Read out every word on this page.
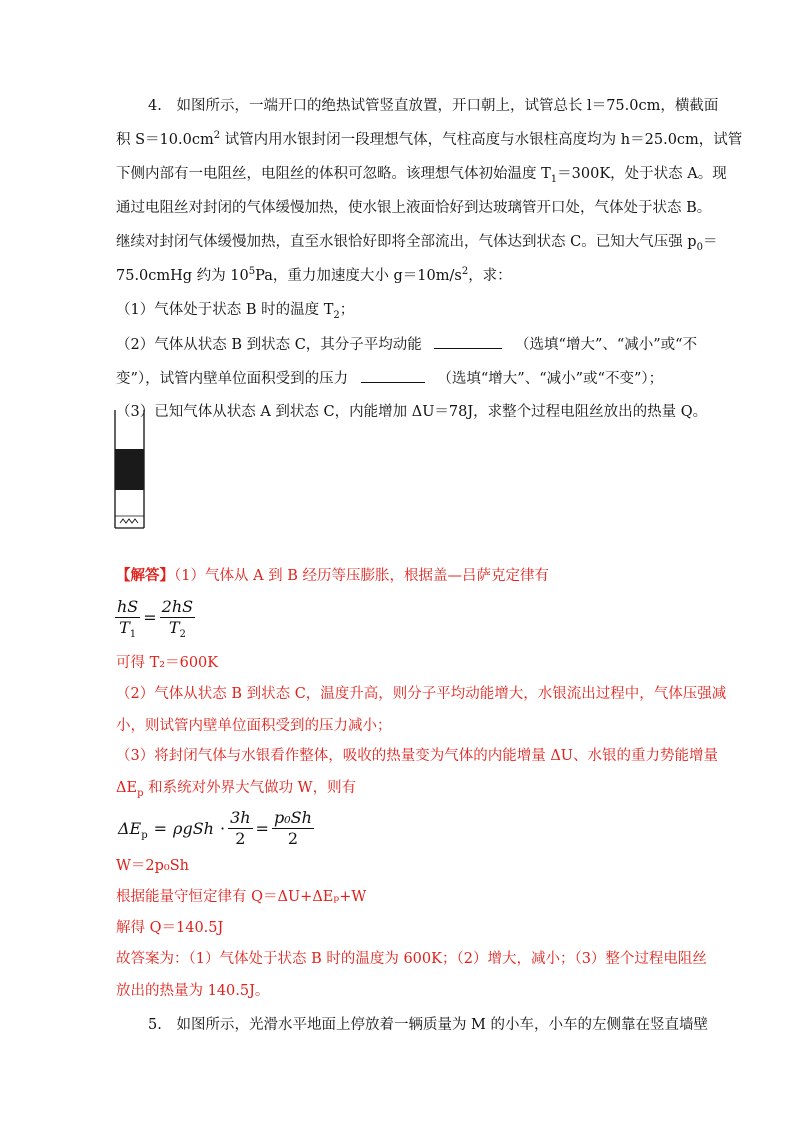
4. 如图所示，一端开口的绝热试管竖直放置，开口朝上，试管总长 l＝75.0cm，横截面
积 $S=10.0cm^2$ 试管内用水银封闭一段理想气体，气柱高度与水银柱高度均为 h＝25.0cm，试管
下侧内部有一电阻丝，电阻丝的体积可忽略。该理想气体初始温度 $T_1=300K$，处于状态 A。现
通过电阻丝对封闭的气体缓慢加热，使水银上液面恰好到达玻璃管开口处，气体处于状态 B。
继续对封闭气体缓慢加热，直至水银恰好即将全部流出，气体达到状态 C。已知大气压强 $p_0=$
75.0cmHg 约为 $10^5Pa$，重力加速度大小 $g=10m/s^2$，求：
（1）气体处于状态 B 时的温度 $T_2$；
（2）气体从状态 B 到状态 C，其分子平均动能	（选填“增大”、“减小”或“不
变”），试管内壁单位面积受到的压力	（选填“增大”、“减小”或“不变”）；
（3）已知气体从状态 A 到状态 C，内能增加 ΔU＝78J，求整个过程电阻丝放出的热量 Q。
【解答】（1）气体从 A 到 B 经历等压膨胀，根据盖—吕萨克定律有
$\frac{hS}{T_1} = \frac{2hS}{T_2}$
可得 T₂＝600K
（2）气体从状态 B 到状态 C，温度升高，则分子平均动能增大，水银流出过程中，气体压强减
小，则试管内壁单位面积受到的压力减小；
（3）将封闭气体与水银看作整体，吸收的热量变为气体的内能增量 ΔU、水银的重力势能增量
$\Delta E_p$ 和系统对外界大气做功 W，则有
$\Delta E_p = \rho gSh \cdot \frac{3h}{2} = \frac{\text{p₀Sh}}{2}$
W＝2p₀Sh
根据能量守恒定律有 Q＝ΔU+ΔEₚ+W
解得 Q＝140.5J
故答案为：（1）气体处于状态 B 时的温度为 600K；（2）增大，减小；（3）整个过程电阻丝
放出的热量为 140.5J。
5. 如图所示，光滑水平地面上停放着一辆质量为 M 的小车，小车的左侧靠在竖直墙壁
